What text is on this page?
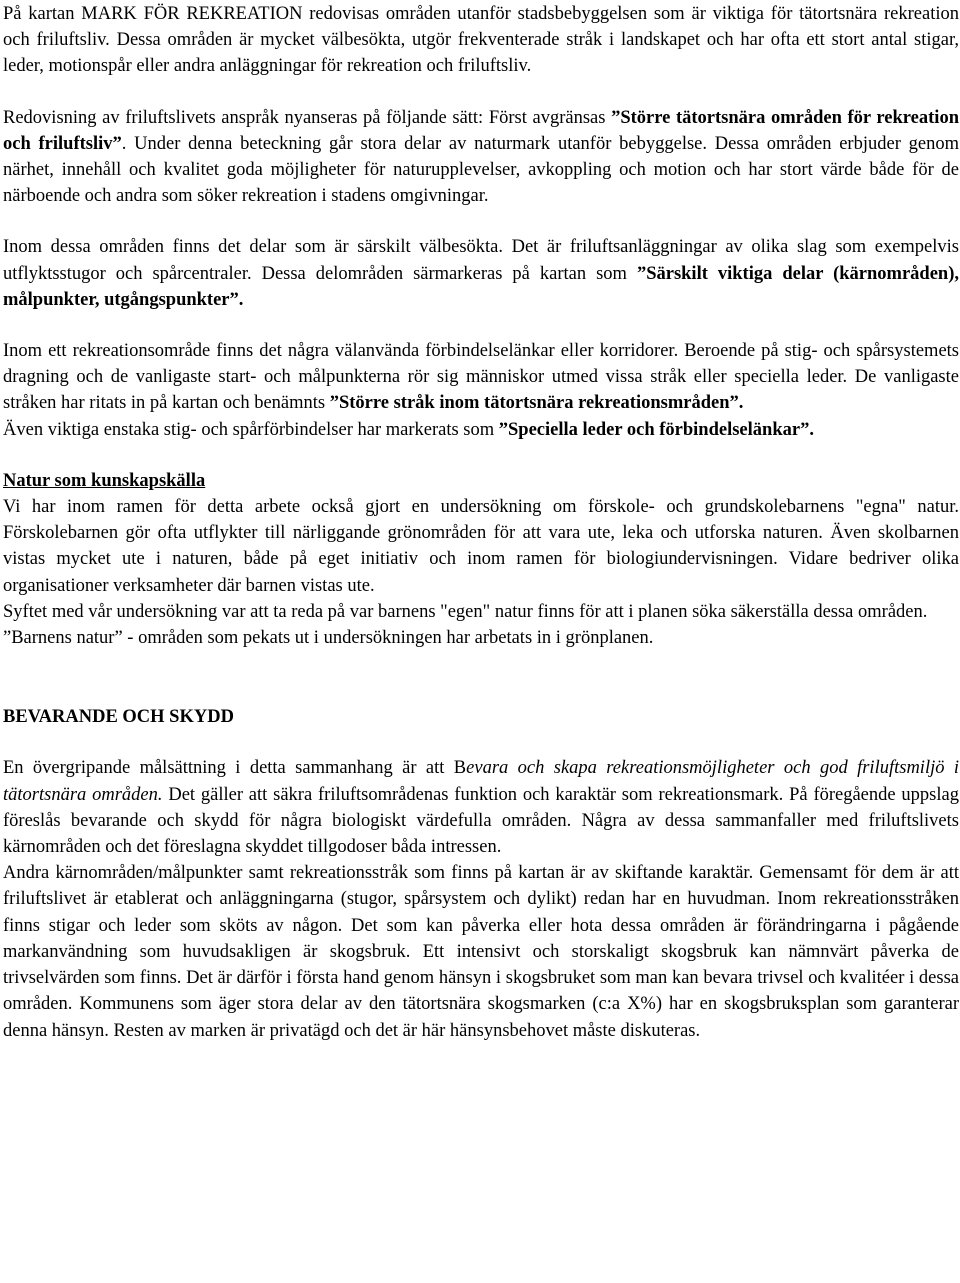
På kartan MARK FÖR REKREATION redovisas områden utanför stadsbebyggelsen som är viktiga för tätortsnära rekreation och friluftsliv. Dessa områden är mycket välbesökta, utgör frekventerade stråk i landskapet och har ofta ett stort antal stigar, leder, motionspår eller andra anläggningar för rekreation och friluftsliv.

Redovisning av friluftslivets anspråk nyanseras på följande sätt: Först avgränsas ”Större tätortsnära områden för rekreation och friluftsliv”. Under denna beteckning går stora delar av naturmark utanför bebyggelse. Dessa områden erbjuder genom närhet, innehåll och kvalitet goda möjligheter för naturupplevelser, avkoppling och motion och har stort värde både för de närboende och andra som söker rekreation i stadens omgivningar.

Inom dessa områden finns det delar som är särskilt välbesökta. Det är friluftsanläggningar av olika slag som exempelvis utflyktsstugor och spårcentraler. Dessa delområden särmarkeras på kartan som ”Särskilt viktiga delar (kärnområden), målpunkter, utgångspunkter”.

Inom ett rekreationsområde finns det några välanvända förbindelselänkar eller korridorer. Beroende på stig- och spårsystemets dragning och de vanligaste start- och målpunkterna rör sig människor utmed vissa stråk eller speciella leder. De vanligaste stråken har ritats in på kartan och benämnts ”Större stråk inom tätortsnära rekreationsmråden”.

Även viktiga enstaka stig- och spårförbindelser har markerats som ”Speciella leder och förbindelselänkar”.

Natur som kunskapskälla

Vi har inom ramen för detta arbete också gjort en undersökning om förskole- och grundskolebarnens "egna" natur. Förskolebarnen gör ofta utflykter till närliggande grönområden för att vara ute, leka och utforska naturen. Även skolbarnen vistas mycket ute i naturen, både på eget initiativ och inom ramen för biologiundervisningen. Vidare bedriver olika organisationer verksamheter där barnen vistas ute.

Syftet med vår undersökning var att ta reda på var barnens "egen" natur finns för att i planen söka säkerställa dessa områden.

”Barnens natur” - områden som pekats ut i undersökningen har arbetats in i grönplanen.

BEVARANDE OCH SKYDD

En övergripande målsättning i detta sammanhang är att Bevara och skapa rekreationsmöjligheter och god friluftsmiljö i tätortsnära områden. Det gäller att säkra friluftsområdenas funktion och karaktär som rekreationsmark. På föregående uppslag föreslås bevarande och skydd för några biologiskt värdefulla områden. Några av dessa sammanfaller med friluftslivets kärnområden och det föreslagna skyddet tillgodoser båda intressen.

Andra kärnområden/målpunkter samt rekreationsstråk som finns på kartan är av skiftande karaktär. Gemensamt för dem är att friluftslivet är etablerat och anläggningarna (stugor, spårsystem och dylikt) redan har en huvudman. Inom rekreationsstråken finns stigar och leder som sköts av någon. Det som kan påverka eller hota dessa områden är förändringarna i pågående markanvändning som huvudsakligen är skogsbruk. Ett intensivt och storskaligt skogsbruk kan nämnvärt påverka de trivselvärden som finns. Det är därför i första hand genom hänsyn i skogsbruket som man kan bevara trivsel och kvalitéer i dessa områden. Kommunens som äger stora delar av den tätortsnära skogsmarken (c:a X%) har en skogsbruksplan som garanterar denna hänsyn. Resten av marken är privatägd och det är här hänsynsbehovet måste diskuteras.
